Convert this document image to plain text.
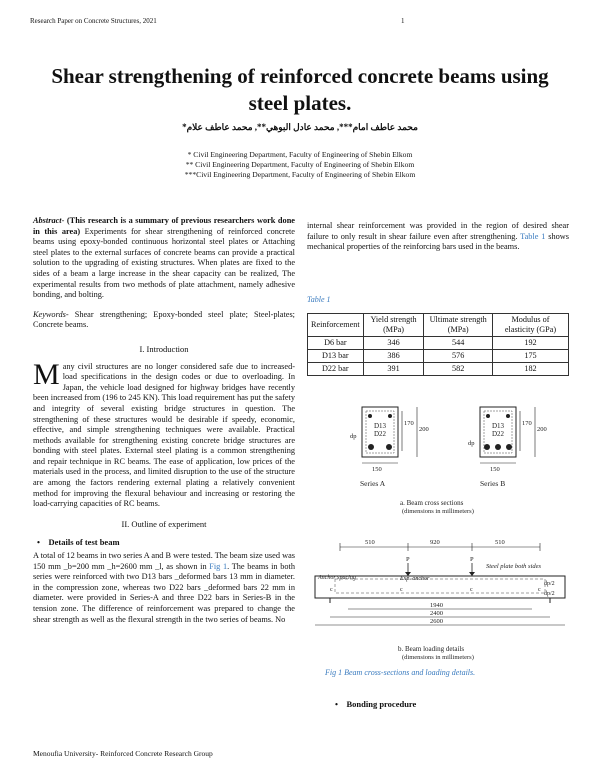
Research Paper on Concrete Structures, 2021	1
Shear strengthening of reinforced concrete beams using steel plates.
محمد عاطف امام***, محمد عادل البوهي**, محمد عاطف علام*
* Civil Engineering Department, Faculty of Engineering of Shebin Elkom
** Civil Engineering Department, Faculty of Engineering of Shebin Elkom
***Civil Engineering Department, Faculty of Engineering of Shebin Elkom

Abstract- (This research is a summary of previous researchers work done in this area) Experiments for shear strengthening of reinforced concrete beams using epoxy-bonded continuous horizontal steel plates or Attaching steel plates to the external surfaces of concrete beams can provide a practical solution to the upgrading of existing structures. When plates are fixed to the sides of a beam a large increase in the shear capacity can be realized, The experimental results from two methods of plate attachment, namely adhesive bonding, and bolting.

Keywords- Shear strengthening; Epoxy-bonded steel plate; Steel-plates; Concrete beams.

I. Introduction

Many civil structures are no longer considered safe due to increased-load specifications in the design codes or due to overloading. In Japan, the vehicle load designed for highway bridges have recently been increased from (196 to 245 KN). This load requirement has put the safety and integrity of several existing bridge structures in question. The strengthening of these structures would be desirable if speedy, economic, effective, and simple strengthening techniques were available. Practical methods available for strengthening existing concrete bridge structures are bonding with steel plates. External steel plating is a common strengthening and repair technique in RC beams. The ease of application, low prices of the materials used in the process, and limited disruption to the use of the structure are among the factors rendering external plating a relatively convenient method for improving the flexural behaviour and increasing or restoring the load-carrying capacities of RC beams.

II. Outline of experiment
•    Details of test beam

A total of 12 beams in two series A and B were tested. The beam size used was 150 mm _b=200 mm _h=2600 mm _l, as shown in Fig 1. The beams in both series were reinforced with two D13 bars _deformed bars 13 mm in diameter. in the compression zone, whereas two D22 bars _deformed bars 22 mm in diameter. were provided in Series-A and three D22 bars in Series-B in the tension zone. The difference of reinforcement was prepared to change the shear strength as well as the flexural strength in the two series of beams. No

internal shear reinforcement was provided in the region of desired shear failure to only result in shear failure even after strengthening. Table 1 shows mechanical properties of the reinforcing bars used in the beams.

Table 1
Reinforcement	Yield strength (MPa)	Ultimate strength (MPa)	Modulus of elasticity (GPa)
D6 bar	346	544	192
D13 bar	386	576	175
D22 bar	391	582	182
D13
D22
170
200
dp
150
Series A
D13
D22
170
200
dp
150
Series B
a. Beam cross sections
(dimensions in millimeters)
510	920	510
P	P
Steel plate both sides
Anchor spacing	Exp. anchor
c	c	c	c
dp/2
dp/2
1940
2400
2600
b. Beam loading details
(dimensions in millimeters)
Fig 1 Beam cross-sections and loading details.
•    Bonding procedure
Menoufia University- Reinforced Concrete Research Group
